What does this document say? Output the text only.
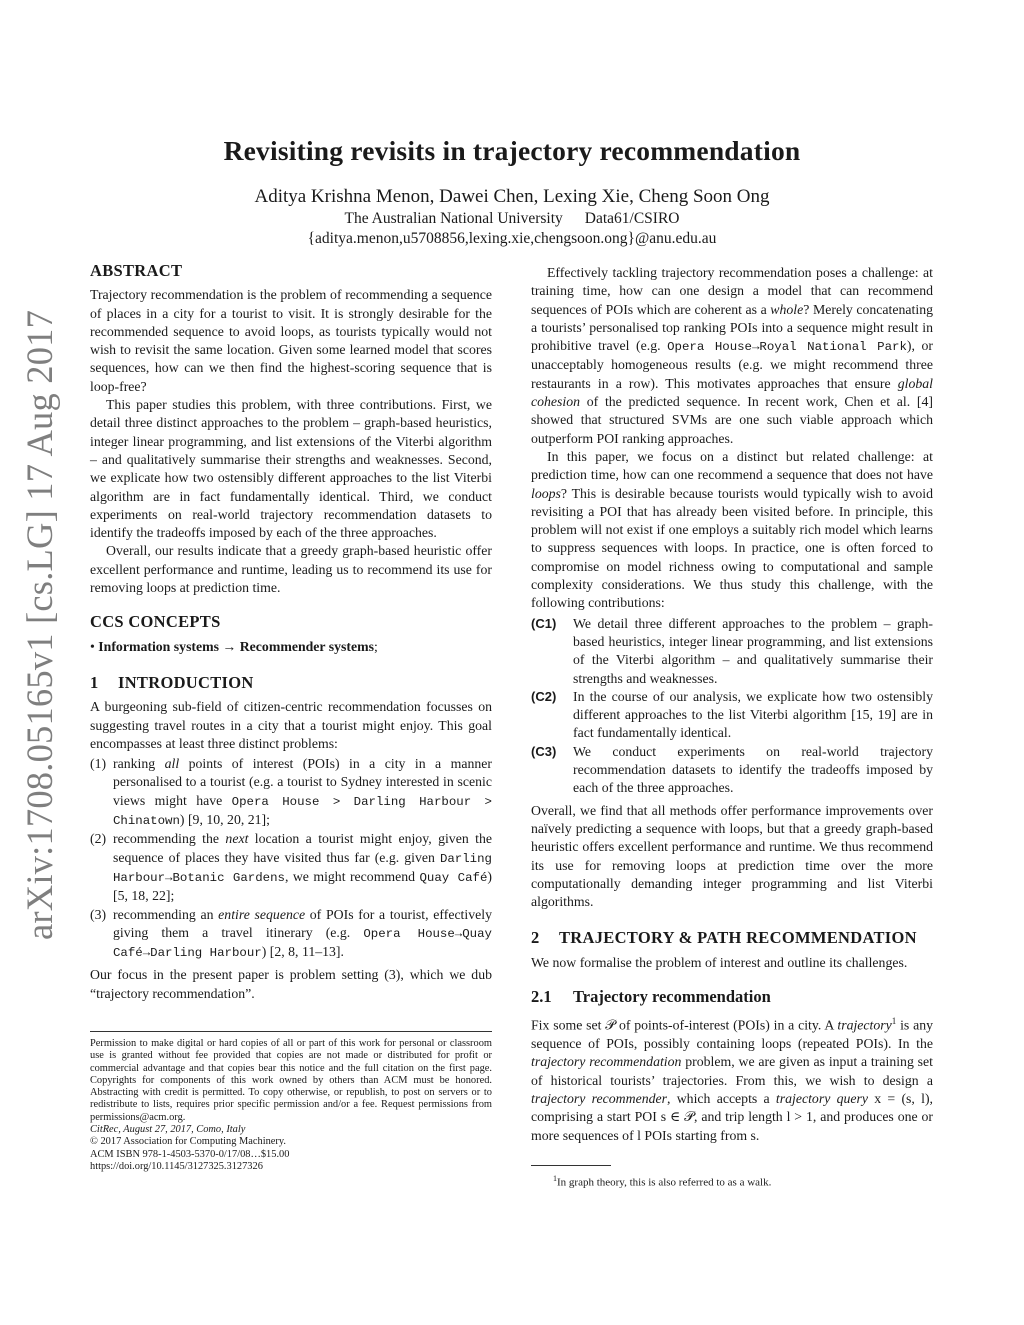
arXiv:1708.05165v1 [cs.LG] 17 Aug 2017
Revisiting revisits in trajectory recommendation
Aditya Krishna Menon, Dawei Chen, Lexing Xie, Cheng Soon Ong
The Australian National University Data61/CSIRO
{aditya.menon,u5708856,lexing.xie,chengsoon.ong}@anu.edu.au
ABSTRACT

Trajectory recommendation is the problem of recommending a sequence of places in a city for a tourist to visit. It is strongly desirable for the recommended sequence to avoid loops, as tourists typically would not wish to revisit the same location. Given some learned model that scores sequences, how can we then find the highest-scoring sequence that is loop-free?

This paper studies this problem, with three contributions. First, we detail three distinct approaches to the problem – graph-based heuristics, integer linear programming, and list extensions of the Viterbi algorithm – and qualitatively summarise their strengths and weaknesses. Second, we explicate how two ostensibly different approaches to the list Viterbi algorithm are in fact fundamentally identical. Third, we conduct experiments on real-world trajectory recommendation datasets to identify the tradeoffs imposed by each of the three approaches.

Overall, our results indicate that a greedy graph-based heuristic offer excellent performance and runtime, leading us to recommend its use for removing loops at prediction time.

CCS CONCEPTS
• Information systems → Recommender systems;
1 INTRODUCTION

A burgeoning sub-field of citizen-centric recommendation focusses on suggesting travel routes in a city that a tourist might enjoy. This goal encompasses at least three distinct problems:

(1) ranking all points of interest (POIs) in a city in a manner personalised to a tourist (e.g. a tourist to Sydney interested in scenic views might have Opera House > Darling Harbour > Chinatown) [9, 10, 20, 21];
(2) recommending the next location a tourist might enjoy, given the sequence of places they have visited thus far (e.g. given Darling Harbour→Botanic Gardens, we might recommend Quay Café) [5, 18, 22];
(3) recommending an entire sequence of POIs for a tourist, effectively giving them a travel itinerary (e.g. Opera House→Quay Café→Darling Harbour) [2, 8, 11–13].

Our focus in the present paper is problem setting (3), which we dub “trajectory recommendation”.

Permission to make digital or hard copies of all or part of this work for personal or classroom use is granted without fee provided that copies are not made or distributed for profit or commercial advantage and that copies bear this notice and the full citation on the first page. Copyrights for components of this work owned by others than ACM must be honored. Abstracting with credit is permitted. To copy otherwise, or republish, to post on servers or to redistribute to lists, requires prior specific permission and/or a fee. Request permissions from permissions@acm.org.

CitRec, August 27, 2017, Como, Italy
© 2017 Association for Computing Machinery.
ACM ISBN 978-1-4503-5370-0/17/08…$15.00
https://doi.org/10.1145/3127325.3127326

Effectively tackling trajectory recommendation poses a challenge: at training time, how can one design a model that can recommend sequences of POIs which are coherent as a whole? Merely concatenating a tourists’ personalised top ranking POIs into a sequence might result in prohibitive travel (e.g. Opera House→Royal National Park), or unacceptably homogeneous results (e.g. we might recommend three restaurants in a row). This motivates approaches that ensure global cohesion of the predicted sequence. In recent work, Chen et al. [4] showed that structured SVMs are one such viable approach which outperform POI ranking approaches.

In this paper, we focus on a distinct but related challenge: at prediction time, how can one recommend a sequence that does not have loops? This is desirable because tourists would typically wish to avoid revisiting a POI that has already been visited before. In principle, this problem will not exist if one employs a suitably rich model which learns to suppress sequences with loops. In practice, one is often forced to compromise on model richness owing to computational and sample complexity considerations. We thus study this challenge, with the following contributions:

(C1) We detail three different approaches to the problem – graph-based heuristics, integer linear programming, and list extensions of the Viterbi algorithm – and qualitatively summarise their strengths and weaknesses.
(C2) In the course of our analysis, we explicate how two ostensibly different approaches to the list Viterbi algorithm [15, 19] are in fact fundamentally identical.
(C3) We conduct experiments on real-world trajectory recommendation datasets to identify the tradeoffs imposed by each of the three approaches.

Overall, we find that all methods offer performance improvements over naïvely predicting a sequence with loops, but that a greedy graph-based heuristic offers excellent performance and runtime. We thus recommend its use for removing loops at prediction time over the more computationally demanding integer programming and list Viterbi algorithms.

2 TRAJECTORY & PATH RECOMMENDATION

We now formalise the problem of interest and outline its challenges.

2.1 Trajectory recommendation

Fix some set 𝒫 of points-of-interest (POIs) in a city. A trajectory$^1$ is any sequence of POIs, possibly containing loops (repeated POIs). In the trajectory recommendation problem, we are given as input a training set of historical tourists’ trajectories. From this, we wish to design a trajectory recommender, which accepts a trajectory query x = (s, l), comprising a start POI s ∈ 𝒫, and trip length l > 1, and produces one or more sequences of l POIs starting from s.

$^1$In graph theory, this is also referred to as a walk.
